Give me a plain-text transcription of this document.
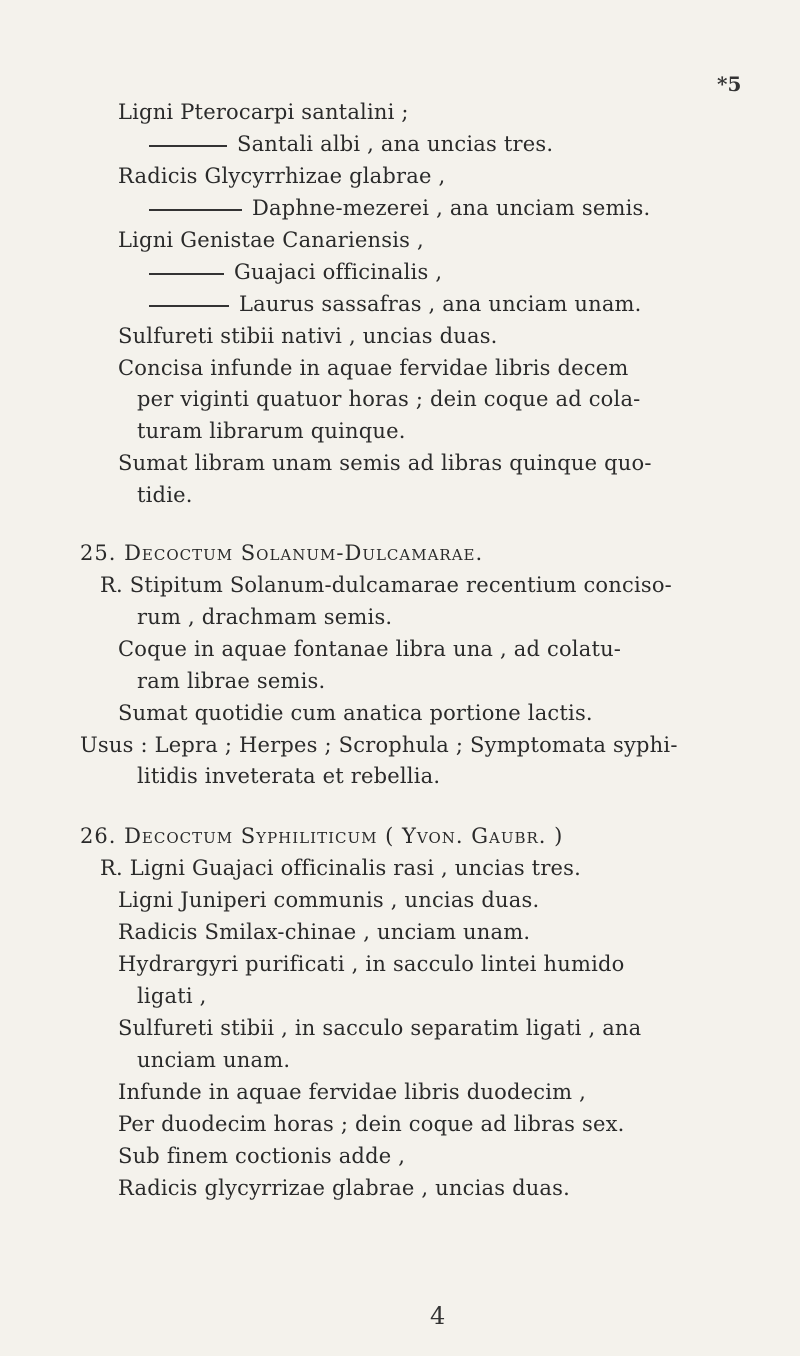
*5
Ligni Pterocarpi santalini ;
Santali albi , ana uncias tres.
Radicis Glycyrrhizae glabrae ,
Daphne-mezerei , ana unciam semis.
Ligni Genistae Canariensis ,
Guajaci officinalis ,
Laurus sassafras , ana unciam unam.
Sulfureti stibii nativi , uncias duas.
Concisa infunde in aquae fervidae libris decem
per viginti quatuor horas ; dein coque ad cola-
turam librarum quinque.
Sumat libram unam semis ad libras quinque quo-
tidie.
25. Decoctum Solanum-Dulcamarae.
R. Stipitum Solanum-dulcamarae recentium conciso-
rum , drachmam semis.
Coque in aquae fontanae libra una , ad colatu-
ram librae semis.
Sumat quotidie cum anatica portione lactis.
Usus : Lepra ; Herpes ; Scrophula ; Symptomata syphi-
litidis inveterata et rebellia.
26. Decoctum Syphiliticum ( Yvon. Gaubr. )
R. Ligni Guajaci officinalis rasi , uncias tres.
Ligni Juniperi communis , uncias duas.
Radicis Smilax-chinae , unciam unam.
Hydrargyri purificati , in sacculo lintei humido
ligati ,
Sulfureti stibii , in sacculo separatim ligati , ana
unciam unam.
Infunde in aquae fervidae libris duodecim ,
Per duodecim horas ; dein coque ad libras sex.
Sub finem coctionis adde ,
Radicis glycyrrizae glabrae , uncias duas.
4
